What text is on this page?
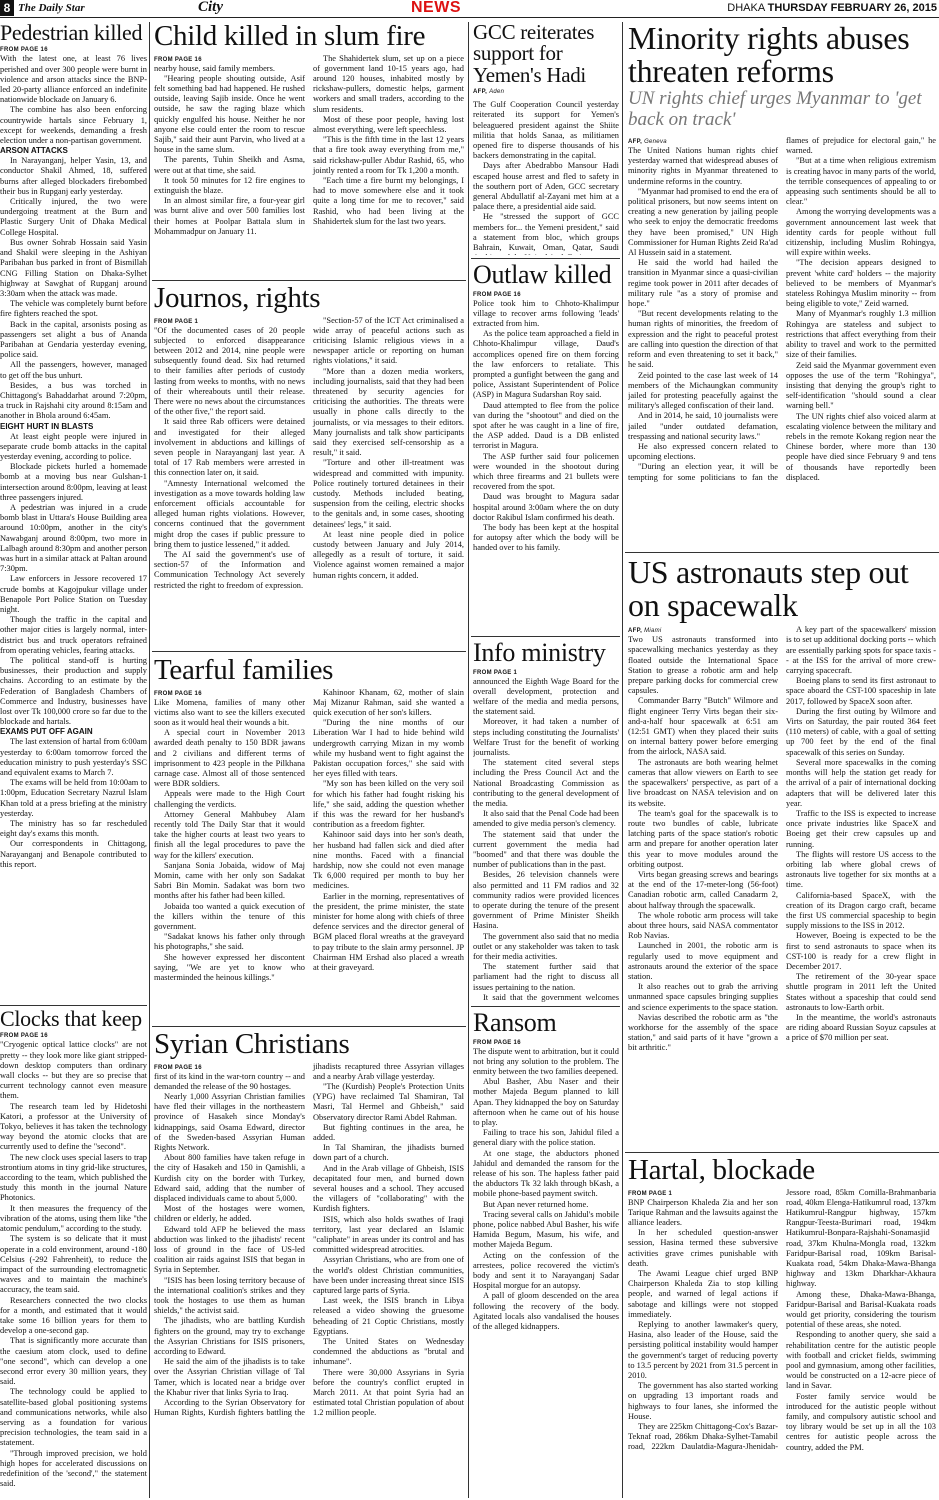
8 The Daily Star	City	NEWS	DHAKA THURSDAY FEBRUARY 26, 2015
Pedestrian killed
FROM PAGE 16

With the latest one, at least 76 lives perished and over 300 people were burnt in violence and arson attacks since the BNP-led 20-party alliance enforced an indefinite nationwide blockade on January 6.

The combine has also been enforcing countrywide hartals since February 1, except for weekends, demanding a fresh election under a non-partisan government.

ARSON ATTACKS

In Narayanganj, helper Yasin, 13, and conductor Shakil Ahmed, 18, suffered burns after alleged blockaders firebombed their bus in Rupganj early yesterday.

Critically injured, the two were undergoing treatment at the Burn and Plastic Surgery Unit of Dhaka Medical College Hospital.

Bus owner Sohrab Hossain said Yasin and Shakil were sleeping in the Ashiyan Paribahan bus parked in front of Bismillah CNG Filling Station on Dhaka-Sylhet highway at Sawghat of Rupganj around 3:30am when the attack was made.

The vehicle was completely burnt before fire fighters reached the spot.

Back in the capital, arsonists posing as passengers set alight a bus of Ananda Paribahan at Gendaria yesterday evening, police said.

All the passengers, however, managed to get off the bus unhurt.

Besides, a bus was torched in Chittagong's Bahaddarhat around 7:20pm, a truck in Rajshahi city around 8:15am and another in Bhola around 6:45am.

EIGHT HURT IN BLASTS

At least eight people were injured in separate crude bomb attacks in the capital yesterday evening, according to police.

Blockade pickets hurled a homemade bomb at a moving bus near Gulshan-1 intersection around 8:00pm, leaving at least three passengers injured.

A pedestrian was injured in a crude bomb blast in Uttara's House Building area around 10:00pm, another in the city's Nawabganj around 8:00pm, two more in Lalbagh around 8:30pm and another person was hurt in a similar attack at Paltan around 7:30pm.

Law enforcers in Jessore recovered 17 crude bombs at Kagojpukur village under Benapole Port Police Station on Tuesday night.

Though the traffic in the capital and other major cities is largely normal, inter-district bus and truck operators refrained from operating vehicles, fearing attacks.

The political stand-off is hurting businesses, their production and supply chains. According to an estimate by the Federation of Bangladesh Chambers of Commerce and Industry, businesses have lost over Tk 100,000 crore so far due to the blockade and hartals.

EXAMS PUT OFF AGAIN

The last extension of hartal from 6:00am yesterday to 6:00am tomorrow forced the education ministry to push yesterday's SSC and equivalent exams to March 7.

The exams will be held from 10:00am to 1:00pm, Education Secretary Nazrul Islam Khan told at a press briefing at the ministry yesterday.

The ministry has so far rescheduled eight day's exams this month.

Our correspondents in Chittagong, Narayanganj and Benapole contributed to this report.

Clocks that keep
FROM PAGE 16

"Cryogenic optical lattice clocks" are not pretty -- they look more like giant stripped-down desktop computers than ordinary wall clocks -- but they are so precise that current technology cannot even measure them.

The research team led by Hidetoshi Katori, a professor at the University of Tokyo, believes it has taken the technology way beyond the atomic clocks that are currently used to define the "second".

The new clock uses special lasers to trap strontium atoms in tiny grid-like structures, according to the team, which published the study this month in the journal Nature Photonics.

It then measures the frequency of the vibration of the atoms, using them like "the atomic pendulum," according to the study.

The system is so delicate that it must operate in a cold environment, around -180 Celsius (-292 Fahrenheit), to reduce the impact of the surrounding electromagnetic waves and to maintain the machine's accuracy, the team said.

Researchers connected the two clocks for a month, and estimated that it would take some 16 billion years for them to develop a one-second gap.

That is significantly more accurate than the caesium atom clock, used to define "one second", which can develop a one second error every 30 million years, they said.

The technology could be applied to satellite-based global positioning systems and communications networks, while also serving as a foundation for various precision technologies, the team said in a statement.

"Through improved precision, we hold high hopes for accelerated discussions on redefinition of the 'second'," the statement said.

Child killed in slum fire
FROM PAGE 16

nearby house, said family members.

"Hearing people shouting outside, Asif felt something bad had happened. He rushed outside, leaving Sajib inside. Once he went outside, he saw the raging blaze which quickly engulfed his house. Neither he nor anyone else could enter the room to rescue Sajib," said their aunt Parvin, who lived at a house in the same slum.

The parents, Tuhin Sheikh and Asma, were out at that time, she said.

It took 50 minutes for 12 fire engines to extinguish the blaze.

In an almost similar fire, a four-year girl was burnt alive and over 500 families lost their homes at Poolpar Battala slum in Mohammadpur on January 11.

The Shahidertek slum, set up on a piece of government land 10-15 years ago, had around 120 houses, inhabited mostly by rickshaw-pullers, domestic helps, garment workers and small traders, according to the slum residents.

Most of these poor people, having lost almost everything, were left speechless.

"This is the fifth time in the last 12 years that a fire took away everything from me," said rickshaw-puller Abdur Rashid, 65, who jointly rented a room for Tk 1,200 a month.

"Each time a fire burnt my belongings, I had to move somewhere else and it took quite a long time for me to recover," said Rashid, who had been living at the Shahidertek slum for the last two years.

Journos, rights
FROM PAGE 1

"Of the documented cases of 20 people subjected to enforced disappearance between 2012 and 2014, nine people were subsequently found dead. Six had returned to their families after periods of custody lasting from weeks to months, with no news of their whereabouts until their release. There were no news about the circumstances of the other five," the report said.

It said three Rab officers were detained and investigated for their alleged involvement in abductions and killings of seven people in Narayanganj last year. A total of 17 Rab members were arrested in this connection later on, it said.

"Amnesty International welcomed the investigation as a move towards holding law enforcement officials accountable for alleged human rights violations. However, concerns continued that the government might drop the cases if public pressure to bring them to justice lessened," it added.

The AI said the government's use of section-57 of the Information and Communication Technology Act severely restricted the right to freedom of expression.

"Section-57 of the ICT Act criminalised a wide array of peaceful actions such as criticising Islamic religious views in a newspaper article or reporting on human rights violations," it said.

"More than a dozen media workers, including journalists, said that they had been threatened by security agencies for criticising the authorities. The threats were usually in phone calls directly to the journalists, or via messages to their editors. Many journalists and talk show participants said they exercised self-censorship as a result," it said.

"Torture and other ill-treatment was widespread and committed with impunity. Police routinely tortured detainees in their custody. Methods included beating, suspension from the ceiling, electric shocks to the genitals and, in some cases, shooting detainees' legs," it said.

At least nine people died in police custody between January and July 2014, allegedly as a result of torture, it said. Violence against women remained a major human rights concern, it added.

Tearful families
FROM PAGE 16

Like Momena, families of many other victims also want to see the killers executed soon as it would heal their wounds a bit.

A special court in November 2013 awarded death penalty to 150 BDR jawans and 2 civilians and different terms of imprisonment to 423 people in the Pilkhana carnage case. Almost all of those sentenced were BDR soldiers.

Appeals were made to the High Court challenging the verdicts.

Attorney General Mahbubey Alam recently told The Daily Star that it would take the higher courts at least two years to finish all the legal procedures to pave the way for the killers' execution.

Sanjana Sonia Jobaida, widow of Maj Momin, came with her only son Sadakat Sabri Bin Momin. Sadakat was born two months after his father had been killed.

Jobaida too wanted a quick execution of the killers within the tenure of this government.

"Sadakat knows his father only through his photographs," she said.

She however expressed her discontent saying, "We are yet to know who masterminded the heinous killings."

Kahinoor Khanam, 62, mother of slain Maj Mizanur Rahman, said she wanted a quick execution of her son's killers.

"During the nine months of our Liberation War I had to hide behind wild undergrowth carrying Mizan in my womb while my husband went to fight against the Pakistan occupation forces," she said with her eyes filled with tears.

"My son has been killed on the very soil for which his father had fought risking his life," she said, adding the question whether if this was the reward for her husband's contribution as a freedom fighter.

Kahinoor said days into her son's death, her husband had fallen sick and died after nine months. Faced with a financial hardship, now she could not even manage Tk 6,000 required per month to buy her medicines.

Earlier in the morning, representatives of the president, the prime minister, the state minister for home along with chiefs of three defence services and the director general of BGM placed floral wreaths at the graveyard to pay tribute to the slain army personnel. JP Chairman HM Ershad also placed a wreath at their graveyard.

Syrian Christians
FROM PAGE 16

first of its kind in the war-torn country -- and demanded the release of the 90 hostages.

Nearly 1,000 Assyrian Christian families have fled their villages in the northeastern province of Hasakeh since Monday's kidnappings, said Osama Edward, director of the Sweden-based Assyrian Human Rights Network.

About 800 families have taken refuge in the city of Hasakeh and 150 in Qamishli, a Kurdish city on the border with Turkey, Edward said, adding that the number of displaced individuals came to about 5,000.

Most of the hostages were women, children or elderly, he added.

Edward told AFP he believed the mass abduction was linked to the jihadists' recent loss of ground in the face of US-led coalition air raids against ISIS that began in Syria in September.

"ISIS has been losing territory because of the international coalition's strikes and they took the hostages to use them as human shields," the activist said.

The jihadists, who are battling Kurdish fighters on the ground, may try to exchange the Assyrian Christians for ISIS prisoners, according to Edward.

He said the aim of the jihadists is to take over the Assyrian Christian village of Tal Tamer, which is located near a bridge over the Khabur river that links Syria to Iraq.

According to the Syrian Observatory for Human Rights, Kurdish fighters battling the jihadists recaptured three Assyrian villages and a nearby Arab village yesterday.

"The (Kurdish) People's Protection Units (YPG) have reclaimed Tal Shamiran, Tal Masri, Tal Hermel and Ghbeish," said Observatory director Rami Abdel Rahman.

But fighting continues in the area, he added.

In Tal Shamiran, the jihadists burned down part of a church.

And in the Arab village of Ghbeish, ISIS decapitated four men, and burned down several houses and a school. They accused the villagers of "collaborating" with the Kurdish fighters.

ISIS, which also holds swathes of Iraqi territory, last year declared an Islamic "caliphate" in areas under its control and has committed widespread atrocities.

Assyrian Christians, who are from one of the world's oldest Christian communities, have been under increasing threat since ISIS captured large parts of Syria.

Last week, the ISIS branch in Libya released a video showing the gruesome beheading of 21 Coptic Christians, mostly Egyptians.

The United States on Wednesday condemned the abductions as "brutal and inhumane".

There were 30,000 Assyrians in Syria before the country's conflict erupted in March 2011. At that point Syria had an estimated total Christian population of about 1.2 million people.

GCC reiterates support for Yemen's Hadi
AFP, Aden

The Gulf Cooperation Council yesterday reiterated its support for Yemen's beleaguered president against the Shiite militia that holds Sanaa, as militiamen opened fire to disperse thousands of his backers demonstrating in the capital.

Days after Abedrabbo Mansour Hadi escaped house arrest and fled to safety in the southern port of Aden, GCC secretary general Abdullatif al-Zayani met him at a palace there, a presidential aide said.

He "stressed the support of GCC members for... the Yemeni president," said a statement from bloc, which groups Bahrain, Kuwait, Oman, Qatar, Saudi

Outlaw killed
FROM PAGE 16

Police took him to Chhoto-Khalimpur village to recover arms following 'leads' extracted from him.

As the police team approached a field in Chhoto-Khalimpur village, Daud's accomplices opened fire on them forcing the law enforcers to retaliate. This prompted a gunfight between the gang and police, Assistant Superintendent of Police (ASP) in Magura Sudarshan Roy said.

Daud attempted to flee from the police van during the "shootout" and died on the spot after he was caught in a line of fire, the ASP added. Daud is a DB enlisted terrorist in Magura.

The ASP further said four policemen were wounded in the shootout during which three firearms and 21 bullets were recovered from the spot.

Daud was brought to Magura sadar hospital around 3:00am where the on duty doctor Rakibul Islam confirmed his death.

The body has been kept at the hospital for autopsy after which the body will be handed over to his family.

Info ministry
FROM PAGE 1

announced the Eighth Wage Board for the overall development, protection and welfare of the media and media persons, the statement said.

Moreover, it had taken a number of steps including constituting the Journalists' Welfare Trust for the benefit of working journalists.

The statement cited several steps including the Press Council Act and the National Broadcasting Commission as contributing to the general development of the media.

It also said that the Penal Code had been amended to give media person's clemency.

The statement said that under the current government the media had "boomed" and that there was double the number of publications than in the past.

Besides, 26 television channels were also permitted and 11 FM radios and 32 community radios were provided licences to operate during the tenure of the present government of Prime Minister Sheikh Hasina.

The government also said that no media outlet or any stakeholder was taken to task for their media activities.

The statement further said that parliament had the right to discuss all issues pertaining to the nation.

It said that the government welcomes

Ransom
FROM PAGE 16

The dispute went to arbitration, but it could not bring any solution to the problem. The enmity between the two families deepened.

Abul Basher, Abu Naser and their mother Majeda Begum planned to kill Apan. They kidnapped the boy on Saturday afternoon when he came out of his house to play.

Failing to trace his son, Jahidul filed a general diary with the police station.

At one stage, the abductors phoned Jahidul and demanded the ransom for the release of his son. The hapless father paid the abductors Tk 32 lakh through bKash, a mobile phone-based payment switch.

But Apan never returned home.

Tracing several calls on Jahidul's mobile phone, police nabbed Abul Basher, his wife Hamida Begum, Masum, his wife, and mother Majeda Begum.

Acting on the confession of the arrestees, police recovered the victim's body and sent it to Narayanganj Sadar Hospital morgue for an autopsy.

A pall of gloom descended on the area following the recovery of the body. Agitated locals also vandalised the houses of the alleged kidnappers.

Minority rights abuses threaten reforms
UN rights chief urges Myanmar to 'get back on track'
AFP, Geneva

The United Nations human rights chief yesterday warned that widespread abuses of minority rights in Myanmar threatened to undermine reforms in the country.

"Myanmar had promised to end the era of political prisoners, but now seems intent on creating a new generation by jailing people who seek to enjoy the democratic freedoms they have been promised," UN High Commissioner for Human Rights Zeid Ra'ad Al Hussein said in a statement.

He said the world had hailed the transition in Myanmar since a quasi-civilian regime took power in 2011 after decades of military rule "as a story of promise and hope."

"But recent developments relating to the human rights of minorities, the freedom of expression and the right to peaceful protest are calling into question the direction of that reform and even threatening to set it back," he said.

Zeid pointed to the case last week of 14 members of the Michaungkan community jailed for protesting peacefully against the military's alleged confiscation of their land.

And in 2014, he said, 10 journalists were jailed "under outdated defamation, trespassing and national security laws."

He also expressed concern related to upcoming elections.

"During an election year, it will be tempting for some politicians to fan the flames of prejudice for electoral gain," he warned.

"But at a time when religious extremism is creating havoc in many parts of the world, the terrible consequences of appealing to or appeasing such sentiments should be all to clear."

Among the worrying developments was a government announcement last week that identity cards for people without full citizenship, including Muslim Rohingya, will expire within weeks.

"The decision appears designed to prevent 'white card' holders -- the majority believed to be members of Myanmar's stateless Rohingya Muslim minority -- from being eligible to vote," Zeid warned.

Many of Myanmar's roughly 1.3 million Rohingya are stateless and subject to restrictions that affect everything from their ability to travel and work to the permitted size of their families.

Zeid said the Myanmar government even opposes the use of the term "Rohingya", insisting that denying the group's right to self-identification "should sound a clear warning bell."

The UN rights chief also voiced alarm at escalating violence between the military and rebels in the remote Kokang region near the Chinese border, where more than 130 people have died since February 9 and tens of thousands have reportedly been displaced.

US astronauts step out on spacewalk
AFP, Miami

Two US astronauts transformed into spacewalking mechanics yesterday as they floated outside the International Space Station to grease a robotic arm and help prepare parking docks for commercial crew capsules.

Commander Barry "Butch" Wilmore and flight engineer Terry Virts began their six-and-a-half hour spacewalk at 6:51 am (12:51 GMT) when they placed their suits on internal battery power before emerging from the airlock, NASA said.

The astronauts are both wearing helmet cameras that allow viewers on Earth to see the spacewalkers' perspective, as part of a live broadcast on NASA television and on its website.

The team's goal for the spacewalk is to route two bundles of cable, lubricate latching parts of the space station's robotic arm and prepare for another operation later this year to move modules around the orbiting outpost.

Virts began greasing screws and bearings at the end of the 17-meter-long (56-foot) Canadian robotic arm, called Canadarm 2, about halfway through the spacewalk.

The whole robotic arm process will take about three hours, said NASA commentator Rob Navias.

Launched in 2001, the robotic arm is regularly used to move equipment and astronauts around the exterior of the space station.

It also reaches out to grab the arriving unmanned space capsules bringing supplies and science experiments to the space station.

Navias described the robotic arm as "the workhorse for the assembly of the space station," and said parts of it have "grown a bit arthritic."

A key part of the spacewalkers' mission is to set up additional docking ports -- which are essentially parking spots for space taxis -- at the ISS for the arrival of more crew-carrying spacecraft.

Boeing plans to send its first astronaut to space aboard the CST-100 spaceship in late 2017, followed by SpaceX soon after.

During the first outing by Wilmore and Virts on Saturday, the pair routed 364 feet (110 meters) of cable, with a goal of setting up 700 feet by the end of the final spacewalk of this series on Sunday.

Several more spacewalks in the coming months will help the station get ready for the arrival of a pair of international docking adapters that will be delivered later this year.

Traffic to the ISS is expected to increase once private industries like SpaceX and Boeing get their crew capsules up and running.

The flights will restore US access to the orbiting lab where global crews of astronauts live together for six months at a time.

California-based SpaceX, with the creation of its Dragon cargo craft, became the first US commercial spaceship to begin supply missions to the ISS in 2012.

However, Boeing is expected to be the first to send astronauts to space when its CST-100 is ready for a crew flight in December 2017.

The retirement of the 30-year space shuttle program in 2011 left the United States without a spaceship that could send astronauts to low-Earth orbit.

In the meantime, the world's astronauts are riding aboard Russian Soyuz capsules at a price of $70 million per seat.

Hartal, blockade
FROM PAGE 1

BNP Chairperson Khaleda Zia and her son Tarique Rahman and the lawsuits against the alliance leaders.

In her scheduled question-answer session, Hasina termed these subversive activities grave crimes punishable with death.

The Awami League chief urged BNP Chairperson Khaleda Zia to stop killing people, and warned of legal actions if sabotage and killings were not stopped immediately.

Replying to another lawmaker's query, Hasina, also leader of the House, said the persisting political instability would hamper the government's target of reducing poverty to 13.5 percent by 2021 from 31.5 percent in 2010.

The government has also started working on upgrading 13 important roads and highways to four lanes, she informed the House.

They are 225km Chittagong-Cox's Bazar-Teknaf road, 286km Dhaka-Sylhet-Tamabil road, 222km Daulatdia-Magura-Jhenidah-Jessore road, 85km Comilla-Brahmanbaria road, 40km Elenga-Hatikumrul road, 137km Hatikumrul-Rangpur highway, 157km Rangpur-Teesta-Burimari road, 194km Hatikumrul-Bonpara-Rajshahi-Sonamasjid road, 37km Khulna-Mongla road, 132km Faridpur-Barisal road, 109km Barisal-Kuakata road, 54km Dhaka-Mawa-Bhanga highway and 13km Dharkhar-Akhaura highway.

Among these, Dhaka-Mawa-Bhanga, Faridpur-Barisal and Barisal-Kuakata roads would get priority, considering the tourism potential of these areas, she noted.

Responding to another query, she said a rehabilitation centre for the autistic people with football and cricket fields, swimming pool and gymnasium, among other facilities, would be constructed on a 12-acre piece of land in Savar.

Foster family service would be introduced for the autistic people without family, and compulsory autistic school and toy library would be set up in all the 103 centres for autistic people across the country, added the PM.
